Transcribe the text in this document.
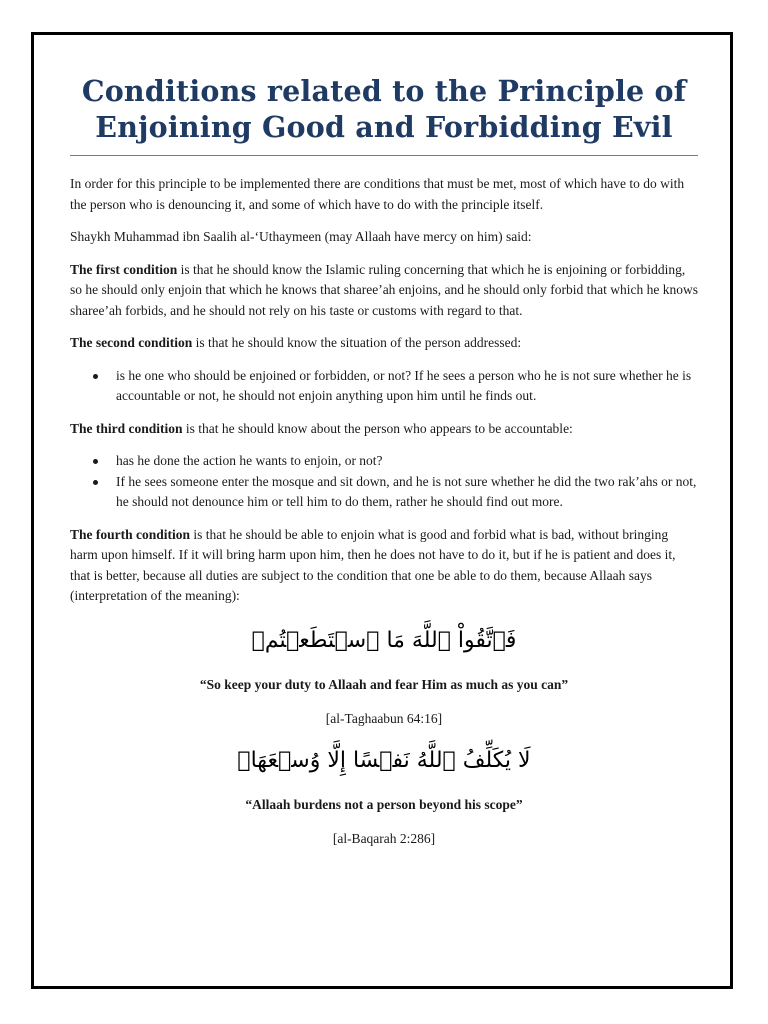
Conditions related to the Principle of
Enjoining Good and Forbidding Evil

In order for this principle to be implemented there are conditions that must be met, most of which have to do with the person who is denouncing it, and some of which have to do with the principle itself.

Shaykh Muhammad ibn Saalih al-‘Uthaymeen (may Allaah have mercy on him) said:

The first condition is that he should know the Islamic ruling concerning that which he is enjoining or forbidding, so he should only enjoin that which he knows that sharee’ah enjoins, and he should only forbid that which he knows sharee’ah forbids, and he should not rely on his taste or customs with regard to that.

The second condition is that he should know the situation of the person addressed:

is he one who should be enjoined or forbidden, or not? If he sees a person who he is not sure whether he is accountable or not, he should not enjoin anything upon him until he finds out.

The third condition is that he should know about the person who appears to be accountable:

has he done the action he wants to enjoin, or not?
If he sees someone enter the mosque and sit down, and he is not sure whether he did the two rak’ahs or not, he should not denounce him or tell him to do them, rather he should find out more.

The fourth condition is that he should be able to enjoin what is good and forbid what is bad, without bringing harm upon himself. If it will bring harm upon him, then he does not have to do it, but if he is patient and does it, that is better, because all duties are subject to the condition that one be able to do them, because Allaah says (interpretation of the meaning):

فَٱتَّقُواْ ٱللَّهَ مَا ٱسۡتَطَعۡتُمۡ
“So keep your duty to Allaah and fear Him as much as you can”
[al-Taghaabun 64:16]
لَا يُكَلِّفُ ٱللَّهُ نَفۡسًا إِلَّا وُسۡعَهَاۚ
“Allaah burdens not a person beyond his scope”
[al-Baqarah 2:286]
